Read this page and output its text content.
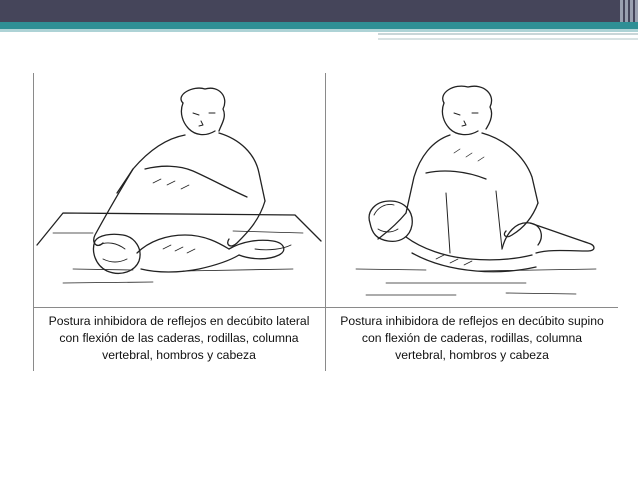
Postura inhibidora de reflejos en decúbito lateral
con flexión de las caderas, rodillas, columna
vertebral, hombros y cabeza
Postura inhibidora de reflejos en decúbito supino
con flexión de caderas, rodillas, columna
vertebral, hombros y cabeza
